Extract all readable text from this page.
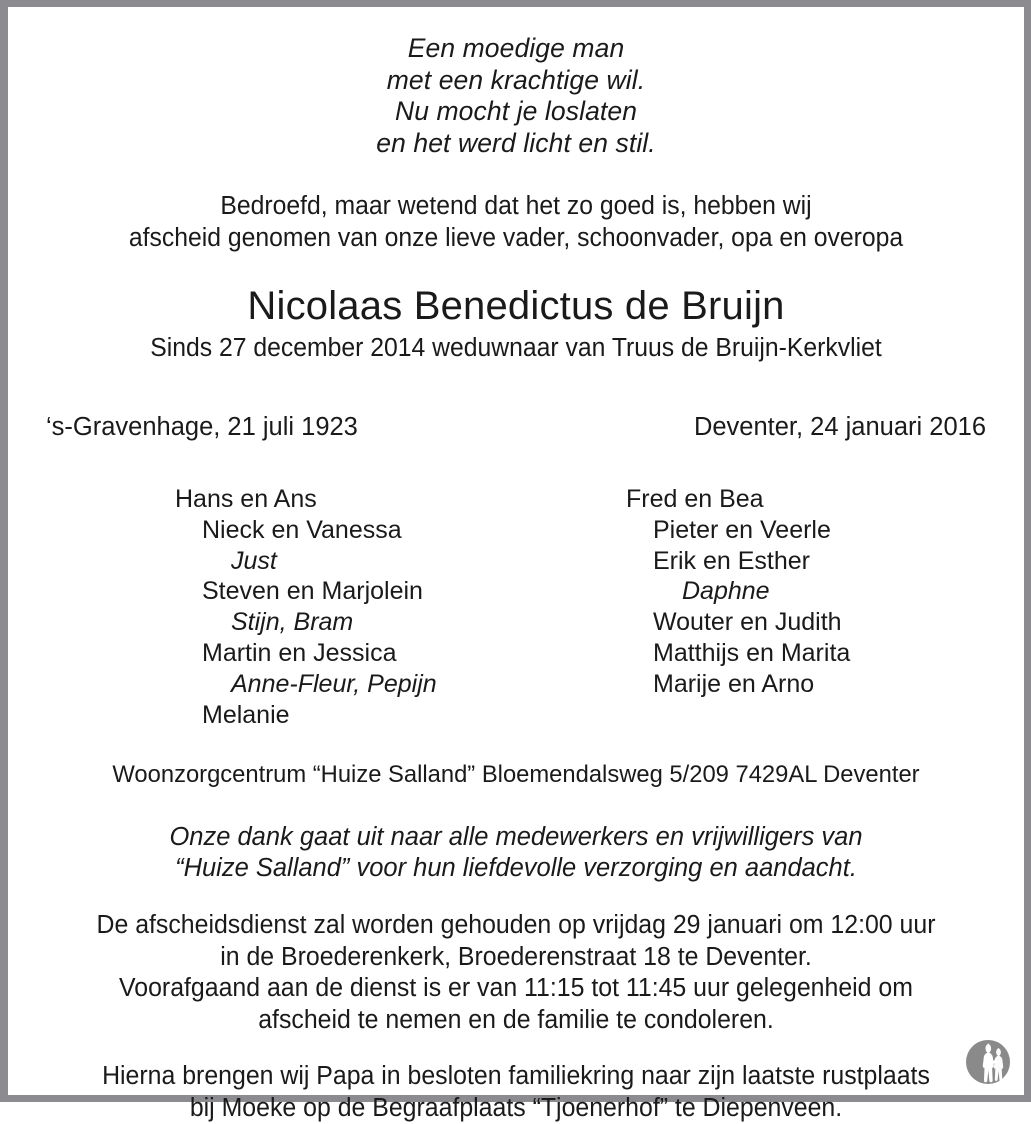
Een moedige man
met een krachtige wil.
Nu mocht je loslaten
en het werd licht en stil.
Bedroefd, maar wetend dat het zo goed is, hebben wij
afscheid genomen van onze lieve vader, schoonvader, opa en overopa
Nicolaas Benedictus de Bruijn
Sinds 27 december 2014 weduwnaar van Truus de Bruijn-Kerkvliet
‘s-Gravenhage, 21 juli 1923	Deventer, 24 januari 2016
Hans en Ans
Nieck en Vanessa
Just
Steven en Marjolein
Stijn, Bram
Martin en Jessica
Anne-Fleur, Pepijn
Melanie
Fred en Bea
Pieter en Veerle
Erik en Esther
Daphne
Wouter en Judith
Matthijs en Marita
Marije en Arno
Woonzorgcentrum “Huize Salland” Bloemendalsweg 5/209 7429AL Deventer
Onze dank gaat uit naar alle medewerkers en vrijwilligers van
“Huize Salland” voor hun liefdevolle verzorging en aandacht.
De afscheidsdienst zal worden gehouden op vrijdag 29 januari om 12:00 uur
in de Broederenkerk, Broederenstraat 18 te Deventer.
Voorafgaand aan de dienst is er van 11:15 tot 11:45 uur gelegenheid om
afscheid te nemen en de familie te condoleren.
Hierna brengen wij Papa in besloten familiekring naar zijn laatste rustplaats
bij Moeke op de Begraafplaats “Tjoenerhof” te Diepenveen.
